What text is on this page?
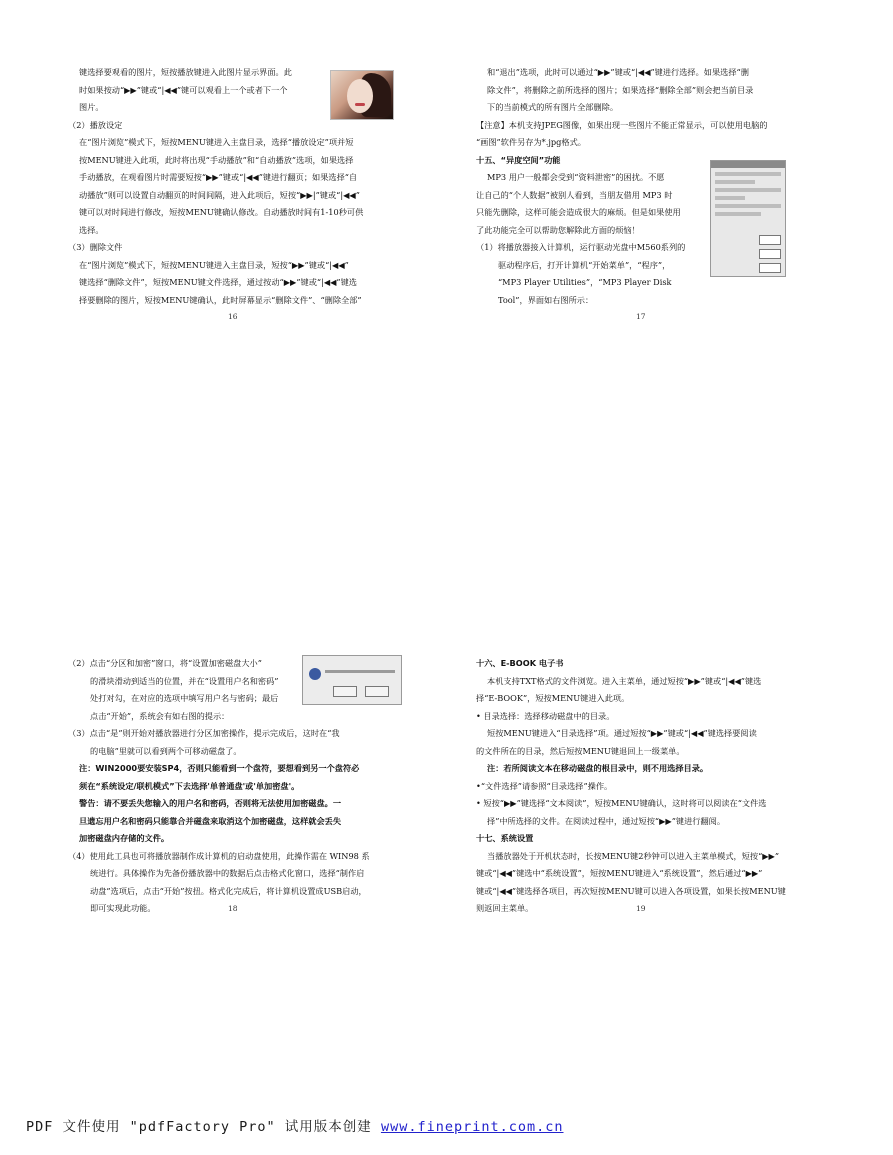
键选择要观看的图片，短按播放键进入此图片显示界面。此

时如果按动“▶▶”键或“|◀◀”键可以观看上一个或者下一个

图片。

（2）播放设定

在“图片浏览”模式下，短按MENU键进入主盘目录，选择“播放设定”项并短

按MENU键进入此项，此时将出现“手动播放”和“自动播放”选项，如果选择

手动播放，在观看图片时需要短按“▶▶”键或“|◀◀”键进行翻页；如果选择“自

动播放”则可以设置自动翻页的时间间隔，进入此项后，短按“▶▶|”键或“|◀◀”

键可以对时间进行修改，短按MENU键确认修改。自动播放时间有1-10秒可供

选择。

（3）删除文件

在“图片浏览”模式下，短按MENU键进入主盘目录，短按“▶▶”键或“|◀◀”

键选择“删除文件”，短按MENU键文件选择，通过按动“▶▶”键或“|◀◀”键选

择要删除的图片，短按MENU键确认，此时屏幕显示“删除文件”、“删除全部”

16

和“退出”选项，此时可以通过“▶▶”键或“|◀◀”键进行选择。如果选择“删

除文件”，将删除之前所选择的图片；如果选择“删除全部”则会把当前目录

下的当前模式的所有图片全部删除。

【注意】本机支持JPEG图像，如果出现一些图片不能正常显示，可以使用电脑的

“画图”软件另存为*.jpg格式。

十五、“异度空间”功能

MP3 用户一般都会受到“资料泄密”的困扰。不愿

让自己的“个人数据”被别人看到，当朋友借用 MP3 时

只能先删除，这样可能会造成很大的麻烦。但是如果使用

了此功能完全可以帮助您解除此方面的烦恼！

（1）将播放器接入计算机，运行驱动光盘中M560系列的

驱动程序后，打开计算机“开始菜单”，“程序”，

“MP3 Player Utilities”，“MP3 Player Disk

Tool”，界面如右图所示：

17

（2）点击“分区和加密”窗口，将“设置加密磁盘大小”

的滑块滑动到适当的位置，并在“设置用户名和密码”

处打对勾，在对应的选项中填写用户名与密码；最后

点击“开始”，系统会有如右图的提示：

（3）点击“是”则开始对播放器进行分区加密操作，提示完成后，这时在“我

的电脑”里就可以看到两个可移动磁盘了。

注：WIN2000要安装SP4，否则只能看到一个盘符，要想看到另一个盘符必

须在“系统设定/联机模式”下去选择'单普通盘'或'单加密盘'。

警告：请不要丢失您输入的用户名和密码，否则将无法使用加密磁盘。一

旦遗忘用户名和密码只能靠合并磁盘来取消这个加密磁盘，这样就会丢失

加密磁盘内存储的文件。

（4）使用此工具也可将播放器制作成计算机的启动盘使用，此操作需在 WIN98 系

统进行。具体操作为先备份播放器中的数据后点击格式化窗口，选择“制作启

动盘”选项后，点击“开始”按扭。格式化完成后，将计算机设置成USB启动，

即可实现此功能。	18

十六、E-BOOK 电子书

本机支持TXT格式的文件浏览。进入主菜单，通过短按“▶▶”键或“|◀◀”键选

择“E-BOOK”，短按MENU键进入此项。

• 目录选择：选择移动磁盘中的目录。

短按MENU键进入“目录选择”项。通过短按“▶▶”键或“|◀◀”键选择要阅读

的文件所在的目录，然后短按MENU键退回上一级菜单。

注：若所阅读文本在移动磁盘的根目录中，则不用选择目录。

•“文件选择”请参照“目录选择”操作。

• 短按“▶▶”键选择“文本阅读”，短按MENU键确认，这时将可以阅读在“文件选

择”中所选择的文件。在阅读过程中，通过短按“▶▶”键进行翻阅。

十七、系统设置

当播放器处于开机状态时，长按MENU键2秒钟可以进入主菜单模式，短按“▶▶”

键或“|◀◀”键选中“系统设置”，短按MENU键进入“系统设置”，然后通过“▶▶”

键或“|◀◀”键选择各项目，再次短按MENU键可以进入各项设置，如果长按MENU键

则返回主菜单。	19
PDF 文件使用 "pdfFactory Pro" 试用版本创建 www.fineprint.com.cn
